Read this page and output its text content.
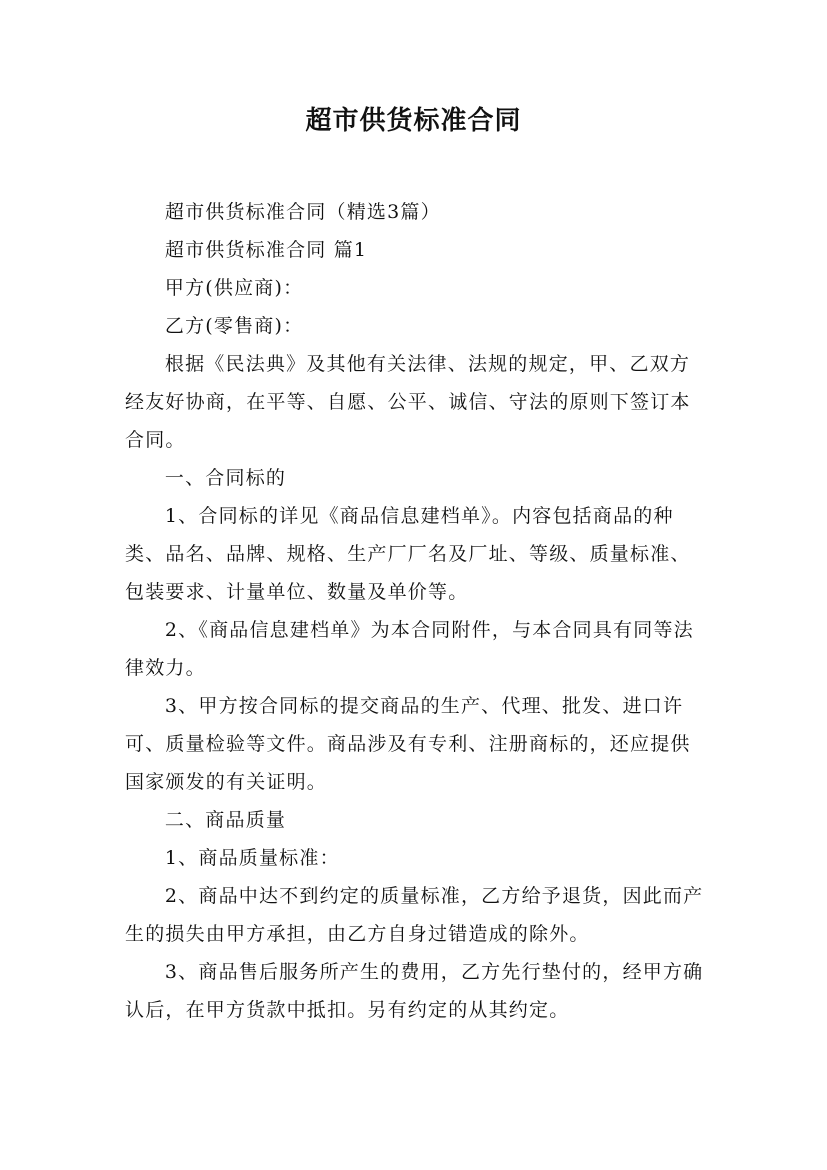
超市供货标准合同

超市供货标准合同（精选3篇）

超市供货标准合同 篇1

甲方(供应商)：

乙方(零售商)：

根据《民法典》及其他有关法律、法规的规定，甲、乙双方经友好协商，在平等、自愿、公平、诚信、守法的原则下签订本合同。

一、合同标的

1、合同标的详见《商品信息建档单》。内容包括商品的种类、品名、品牌、规格、生产厂厂名及厂址、等级、质量标准、包装要求、计量单位、数量及单价等。

2、《商品信息建档单》为本合同附件，与本合同具有同等法律效力。

3、甲方按合同标的提交商品的生产、代理、批发、进口许可、质量检验等文件。商品涉及有专利、注册商标的，还应提供国家颁发的有关证明。

二、商品质量

1、商品质量标准：

2、商品中达不到约定的质量标准，乙方给予退货，因此而产生的损失由甲方承担，由乙方自身过错造成的除外。

3、商品售后服务所产生的费用，乙方先行垫付的，经甲方确认后，在甲方货款中抵扣。另有约定的从其约定。
